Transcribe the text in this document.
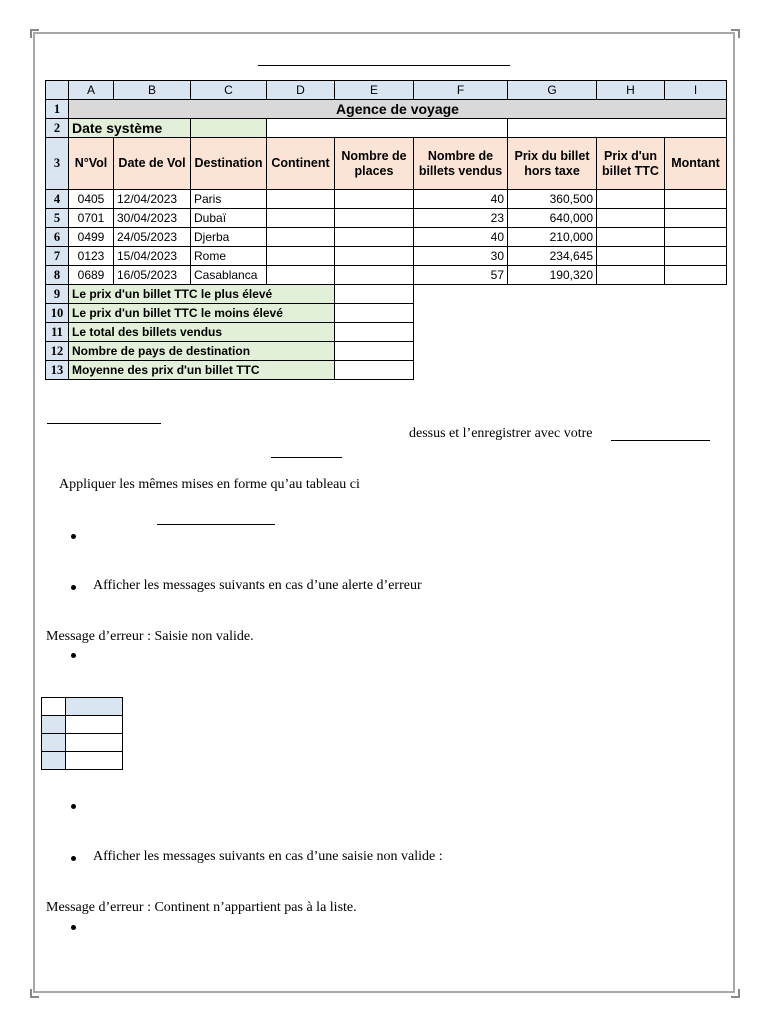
	A	B	C	D	E	F	G	H	I
1	Agence de voyage								
2	Date système								
3	N°Vol	Date de Vol	Destination	Continent	Nombre de places	Nombre de billets vendus	Prix du billet hors taxe	Prix d'un billet TTC	Montant
4	0405	12/04/2023	Paris			40	360,500		
5	0701	30/04/2023	Dubaï			23	640,000		
6	0499	24/05/2023	Djerba			40	210,000		
7	0123	15/04/2023	Rome			30	234,645		
8	0689	16/05/2023	Casablanca			57	190,320		
9	Le prix d'un billet TTC le plus élevé								
10	Le prix d'un billet TTC le moins élevé								
11	Le total des billets vendus								
12	Nombre de pays de destination								
13	Moyenne des prix d'un billet TTC								
dessus et l’enregistrer avec votre
Appliquer les mêmes mises en forme qu’au tableau ci
Afficher les messages suivants en cas d’une alerte d’erreur
Message d’erreur : Saisie non valide.

Afficher les messages suivants en cas d’une saisie non valide :
Message d’erreur : Continent n’appartient pas à la liste.
